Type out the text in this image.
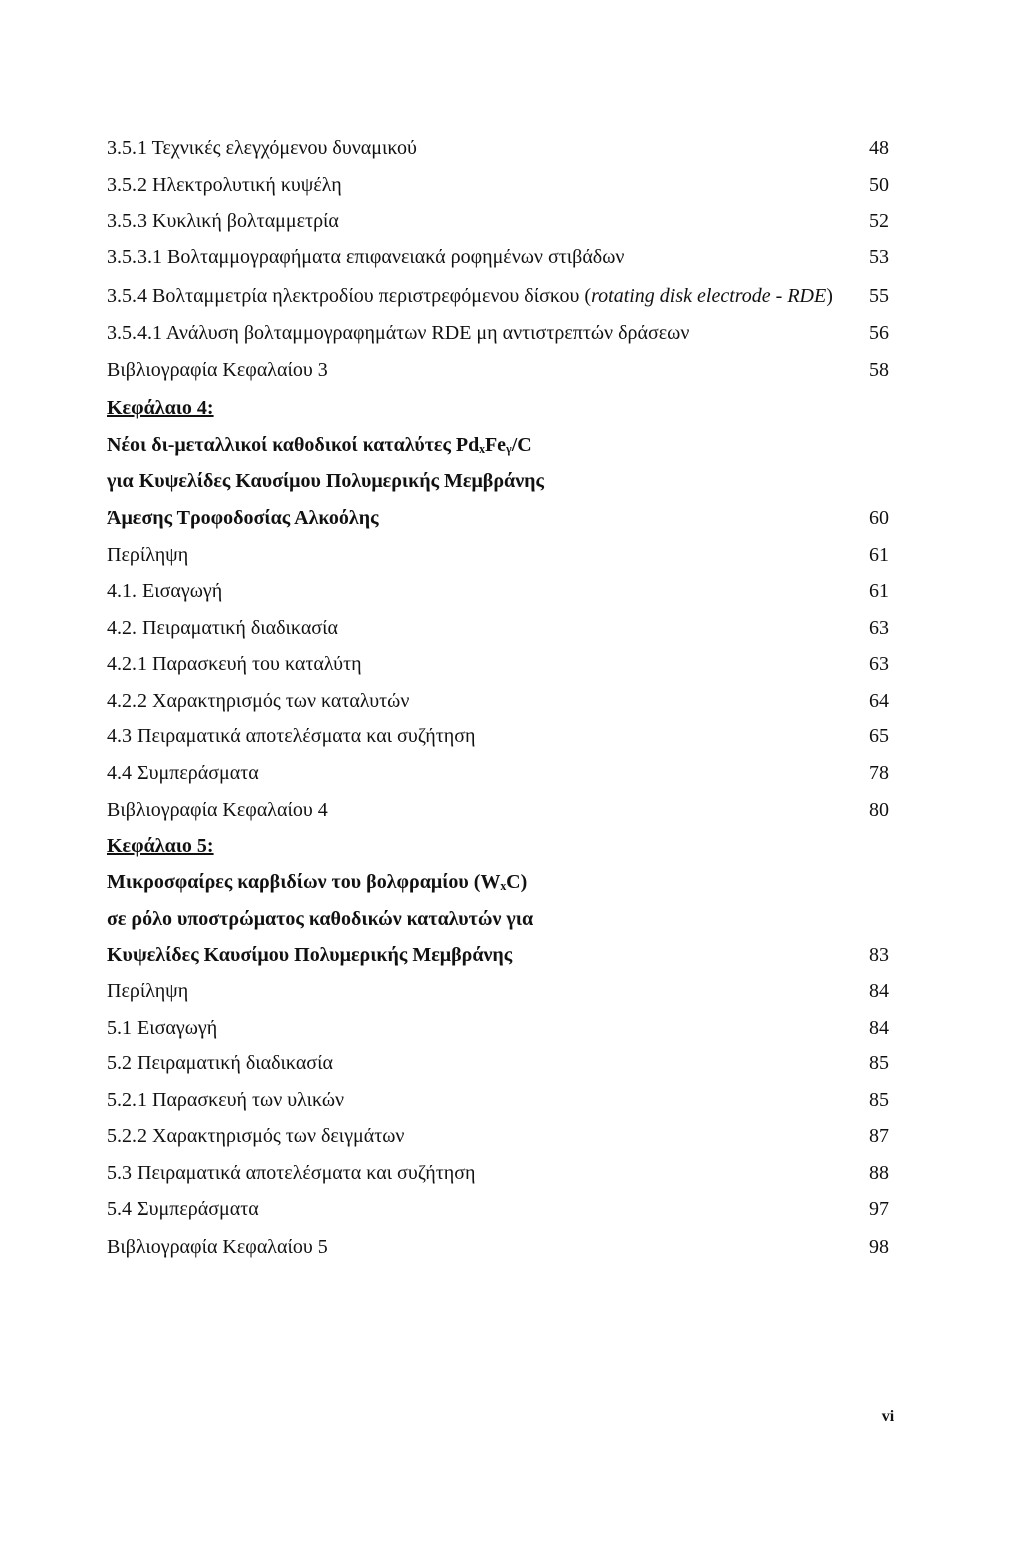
3.5.1 Τεχνικές ελεγχόμενου δυναμικού	48
3.5.2 Ηλεκτρολυτική κυψέλη	50
3.5.3 Κυκλική βολταμμετρία	52
3.5.3.1 Βολταμμογραφήματα επιφανειακά ροφημένων στιβάδων	53
3.5.4 Βολταμμετρία ηλεκτροδίου περιστρεφόμενου δίσκου (rotating disk electrode - RDE) 55
3.5.4.1 Ανάλυση βολταμμογραφημάτων RDE μη αντιστρεπτών δράσεων	56
Βιβλιογραφία Κεφαλαίου 3	58
Κεφάλαιο 4:
Νέοι δι-μεταλλικοί καθοδικοί καταλύτες PdₓFeᵧ/C
για Κυψελίδες Καυσίμου Πολυμερικής Μεμβράνης
Άμεσης Τροφοδοσίας Αλκοόλης	60
Περίληψη	61
4.1. Εισαγωγή	61
4.2. Πειραματική διαδικασία	63
4.2.1 Παρασκευή του καταλύτη	63
4.2.2 Χαρακτηρισμός των καταλυτών	64
4.3 Πειραματικά αποτελέσματα και συζήτηση	65
4.4 Συμπεράσματα	78
Βιβλιογραφία Κεφαλαίου 4	80
Κεφάλαιο 5:
Μικροσφαίρες καρβιδίων του βολφραμίου (WₓC)
σε ρόλο υποστρώματος καθοδικών καταλυτών για
Κυψελίδες Καυσίμου Πολυμερικής Μεμβράνης	83
Περίληψη	84
5.1 Εισαγωγή	84
5.2 Πειραματική διαδικασία	85
5.2.1 Παρασκευή των υλικών	85
5.2.2 Χαρακτηρισμός των δειγμάτων	87
5.3 Πειραματικά αποτελέσματα και συζήτηση	88
5.4 Συμπεράσματα	97
Βιβλιογραφία Κεφαλαίου 5	98
vi
